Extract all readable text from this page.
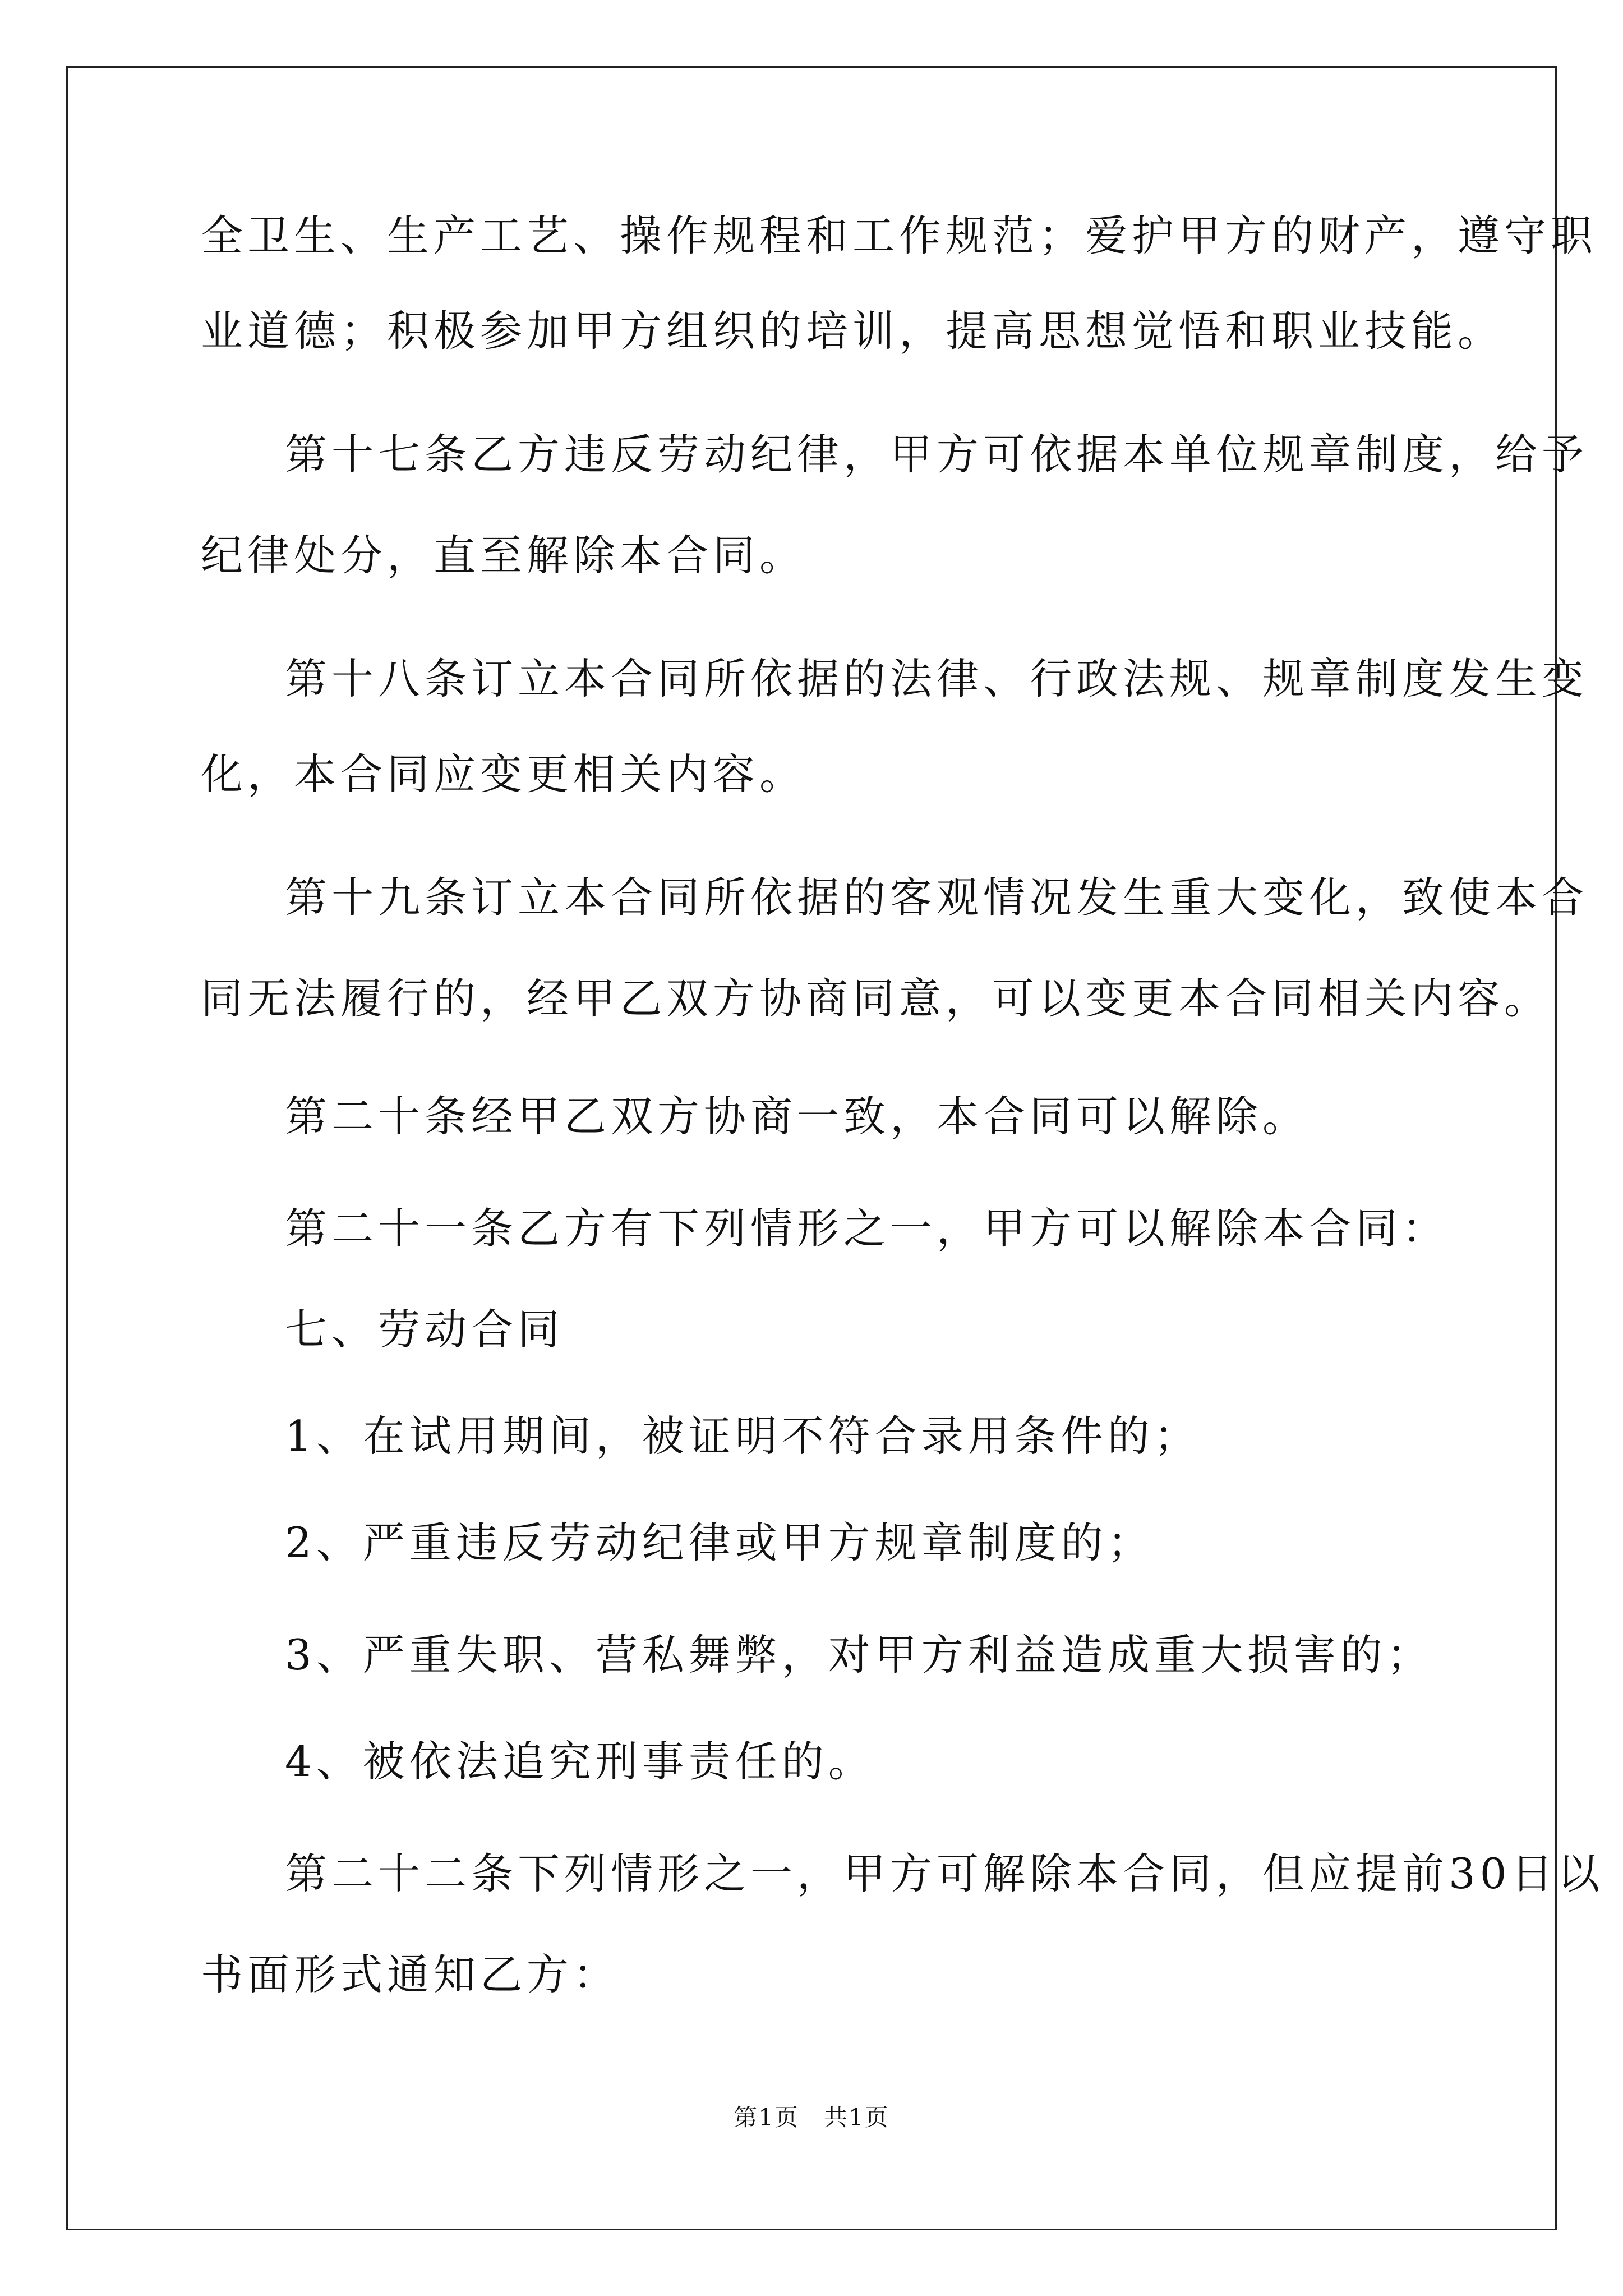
全卫生、生产工艺、操作规程和工作规范；爱护甲方的财产，遵守职
业道德；积极参加甲方组织的培训，提高思想觉悟和职业技能。
第十七条乙方违反劳动纪律，甲方可依据本单位规章制度，给予
纪律处分，直至解除本合同。
第十八条订立本合同所依据的法律、行政法规、规章制度发生变
化，本合同应变更相关内容。
第十九条订立本合同所依据的客观情况发生重大变化，致使本合
同无法履行的，经甲乙双方协商同意，可以变更本合同相关内容。
第二十条经甲乙双方协商一致，本合同可以解除。
第二十一条乙方有下列情形之一，甲方可以解除本合同：
七、劳动合同
1、在试用期间，被证明不符合录用条件的；
2、严重违反劳动纪律或甲方规章制度的；
3、严重失职、营私舞弊，对甲方利益造成重大损害的；
4、被依法追究刑事责任的。
第二十二条下列情形之一，甲方可解除本合同，但应提前30日以
书面形式通知乙方：
第1页　共1页
